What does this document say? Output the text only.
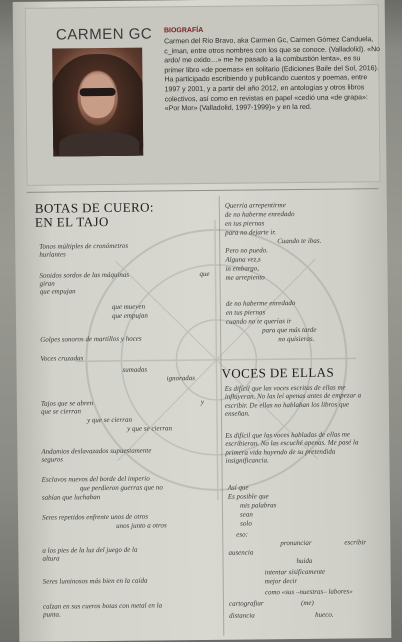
CARMEN GC BIOGRAFÍA

Carmen del Río Bravo, aka Carmen Gc, Carmen Gómez Canduela, c_iman, entre otros nombres con los que se conoce. (Valladolid). «No ardo/ me oxido…» me he pasado a la combustión lenta», es su primer libro «de poemas» en solitario (Ediciones Baile del Sol, 2016). Ha participado escribiendo y publicando cuentos y poemas, entre 1997 y 2001, y a partir del año 2012, en antologías y otros libros colectivos, así como en revistas en papel «cedió una «de grapa»: «Por Mor» (Valladolid, 1997-1999)» y en la red.

BOTAS DE CUERO:
EN EL TAJO
Tonos múltiples de cronómetros
hurlantes
Sonidos sordos de las máquinas	que
giran
que empujan
que mueven
que empujan
Golpes sonoros de martillos y hoces
Voces cruzadas
sumadas
ignoradas
Tajos que se abren	y
que se cierran
y que se cierran
y que se cierran
Andamios deslavazados supuestamente
seguros
Esclavos nuevos del borde del imperio
que perdieron guerras que no
sabían que luchaban
Seres repetidos enfrente unos de otros
unos junto a otros
a los pies de la luz del juego de la
altura
Seres luminosos más bien en la caída
calzan en sus cueros botas con metal en la
punta.
Querría arrepentirme
de no haberme enredado
en tus piernas
para no dejarte ir.
Cuando te ibas.
Pero no puedo.
Alguna vez,s
in embargo,
me arrepiento
de no haberme enredado
en tus piernas
cuando no te querías ir
para que más tarde
no quisieras.
VOCES DE ELLAS

Es difícil que las voces escritas de ellas me influyeran. No las leí apenas antes de empezar a escribir. De ellas no hablaban los libros que enseñan.

Es difícil que las voces habladas de ellas me escribieran. No las escuché apenas. Me pasé la primera vida huyendo de su pretendida insignificancia.

Así que
Es posible que
mis palabras
sean
solo
eso:
pronunciar	escribir
ausencia
huida
intentar sísificamente
mejor decir
como «sus –nuestras– labores»
cartografiar	(me)
distancia	hueco.
